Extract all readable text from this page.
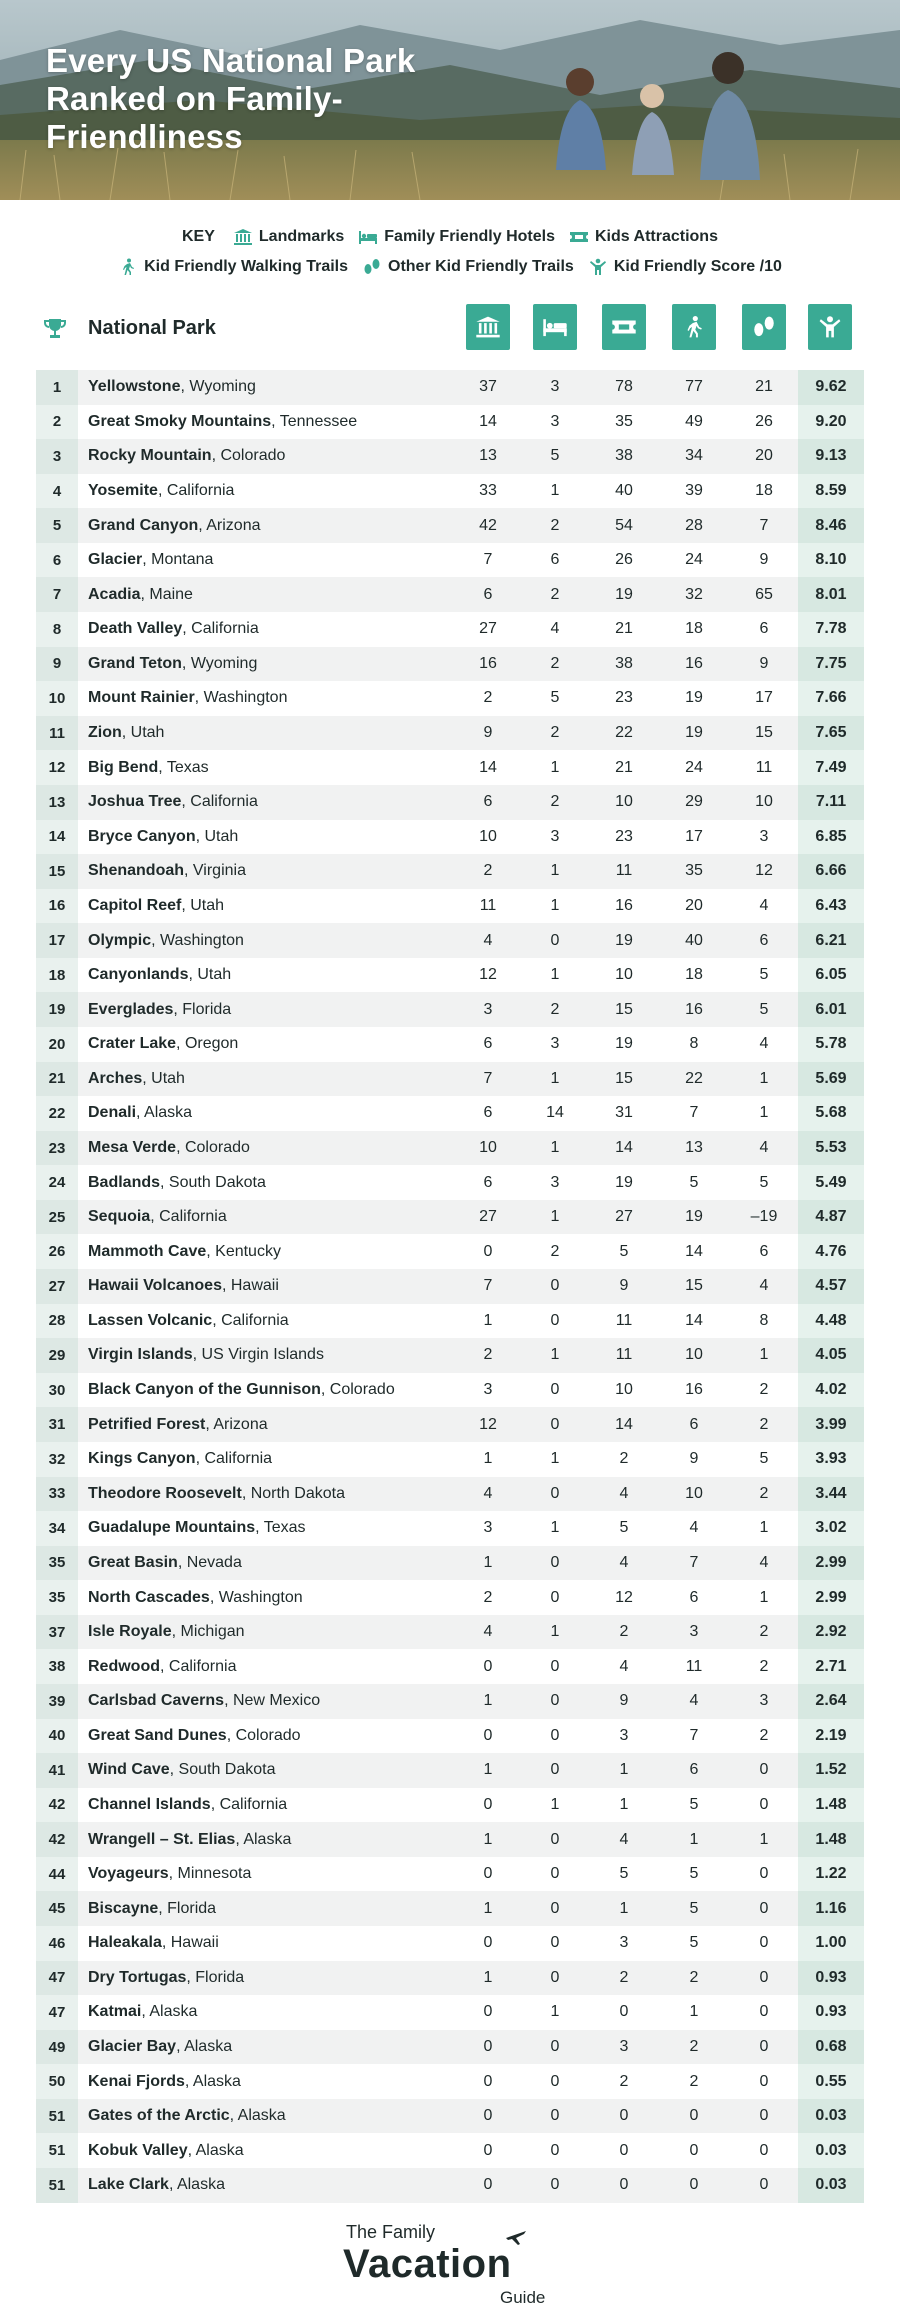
Every US National Park Ranked on Family-Friendliness
KEY	Landmarks	Family Friendly Hotels	Kids Attractions
Kid Friendly Walking Trails	Other Kid Friendly Trails	Kid Friendly Score /10
National Park
1	Yellowstone , Wyoming	37	3	78	77	21	9.62
2	Great Smoky Mountains , Tennessee	14	3	35	49	26	9.20
3	Rocky Mountain , Colorado	13	5	38	34	20	9.13
4	Yosemite , California	33	1	40	39	18	8.59
5	Grand Canyon , Arizona	42	2	54	28	7	8.46
6	Glacier , Montana	7	6	26	24	9	8.10
7	Acadia , Maine	6	2	19	32	65	8.01
8	Death Valley , California	27	4	21	18	6	7.78
9	Grand Teton , Wyoming	16	2	38	16	9	7.75
10	Mount Rainier , Washington	2	5	23	19	17	7.66
11	Zion , Utah	9	2	22	19	15	7.65
12	Big Bend , Texas	14	1	21	24	11	7.49
13	Joshua Tree , California	6	2	10	29	10	7.11
14	Bryce Canyon , Utah	10	3	23	17	3	6.85
15	Shenandoah , Virginia	2	1	11	35	12	6.66
16	Capitol Reef , Utah	11	1	16	20	4	6.43
17	Olympic , Washington	4	0	19	40	6	6.21
18	Canyonlands , Utah	12	1	10	18	5	6.05
19	Everglades , Florida	3	2	15	16	5	6.01
20	Crater Lake , Oregon	6	3	19	8	4	5.78
21	Arches , Utah	7	1	15	22	1	5.69
22	Denali , Alaska	6	14	31	7	1	5.68
23	Mesa Verde , Colorado	10	1	14	13	4	5.53
24	Badlands , South Dakota	6	3	19	5	5	5.49
25	Sequoia , California	27	1	27	19	–19	4.87
26	Mammoth Cave , Kentucky	0	2	5	14	6	4.76
27	Hawaii Volcanoes , Hawaii	7	0	9	15	4	4.57
28	Lassen Volcanic , California	1	0	11	14	8	4.48
29	Virgin Islands , US Virgin Islands	2	1	11	10	1	4.05
30	Black Canyon of the Gunnison , Colorado	3	0	10	16	2	4.02
31	Petrified Forest , Arizona	12	0	14	6	2	3.99
32	Kings Canyon , California	1	1	2	9	5	3.93
33	Theodore Roosevelt , North Dakota	4	0	4	10	2	3.44
34	Guadalupe Mountains , Texas	3	1	5	4	1	3.02
35	Great Basin , Nevada	1	0	4	7	4	2.99
35	North Cascades , Washington	2	0	12	6	1	2.99
37	Isle Royale , Michigan	4	1	2	3	2	2.92
38	Redwood , California	0	0	4	11	2	2.71
39	Carlsbad Caverns , New Mexico	1	0	9	4	3	2.64
40	Great Sand Dunes , Colorado	0	0	3	7	2	2.19
41	Wind Cave , South Dakota	1	0	1	6	0	1.52
42	Channel Islands , California	0	1	1	5	0	1.48
42	Wrangell – St. Elias , Alaska	1	0	4	1	1	1.48
44	Voyageurs , Minnesota	0	0	5	5	0	1.22
45	Biscayne , Florida	1	0	1	5	0	1.16
46	Haleakala , Hawaii	0	0	3	5	0	1.00
47	Dry Tortugas , Florida	1	0	2	2	0	0.93
47	Katmai , Alaska	0	1	0	1	0	0.93
49	Glacier Bay , Alaska	0	0	3	2	0	0.68
50	Kenai Fjords , Alaska	0	0	2	2	0	0.55
51	Gates of the Arctic , Alaska	0	0	0	0	0	0.03
51	Kobuk Valley , Alaska	0	0	0	0	0	0.03
51	Lake Clark , Alaska	0	0	0	0	0	0.03
The Family
Vacation
Guide
